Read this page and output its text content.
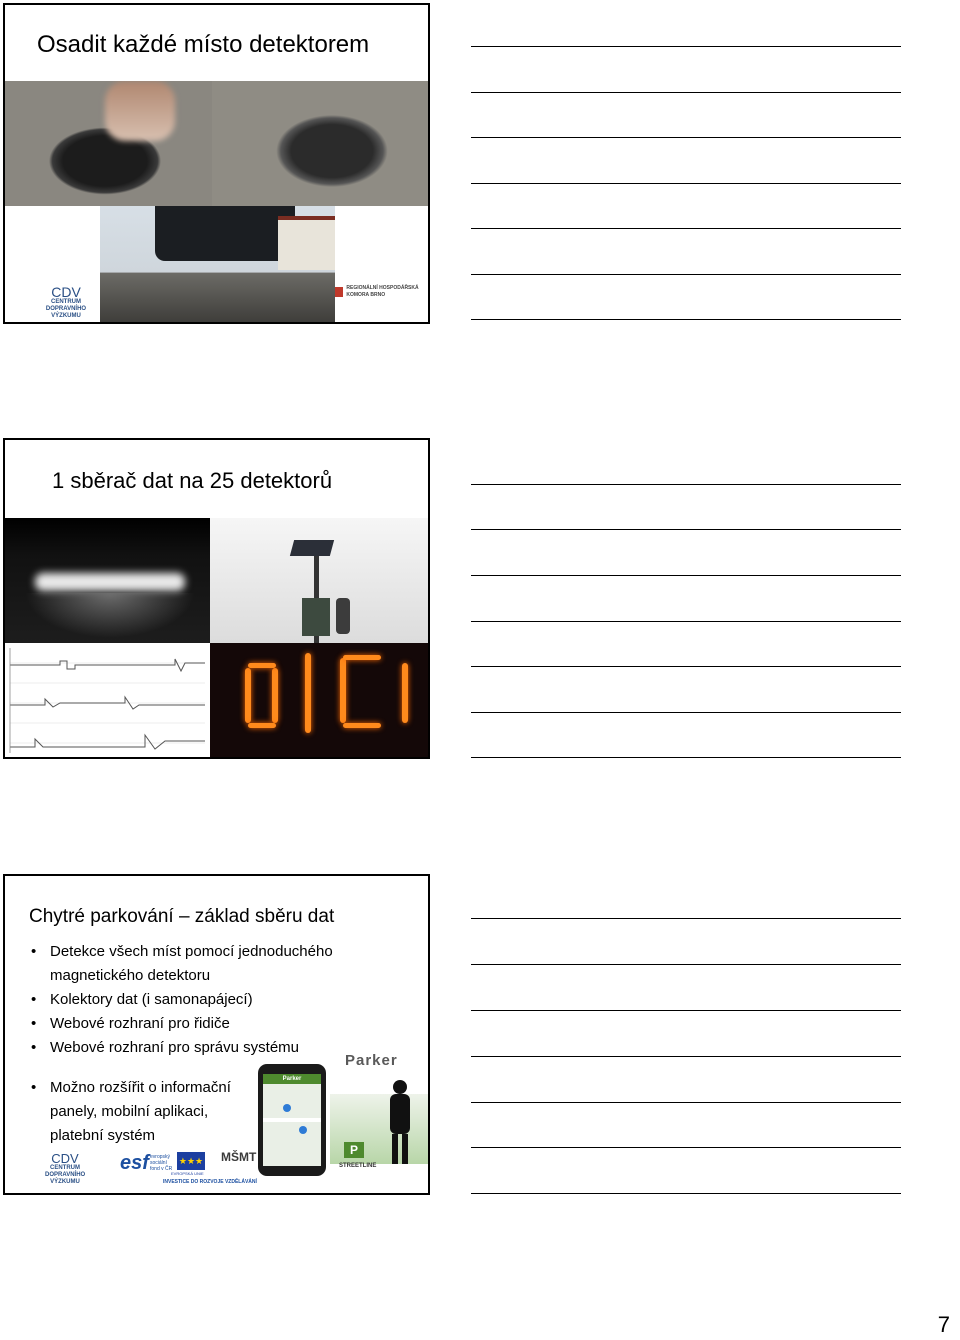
Osadit každé místo detektorem
CDV
CENTRUM
DOPRAVNÍHO
VÝZKUMU
REGIONÁLNÍ HOSPODÁŘSKÁ
KOMORA BRNO
1 sběrač dat na 25 detektorů
Chytré parkování – základ sběru dat
• Detekce všech míst pomocí jednoduchého magnetického detektoru
• Kolektory dat (i samonapájecí)
• Webové rozhraní pro řidiče
• Webové rozhraní pro správu systému
• Možno rozšířit o informační panely, mobilní aplikaci, platební systém
Parker
Parker
P
CDV
CENTRUM
DOPRAVNÍHO
VÝZKUMU
esf evropský
sociální
fond v ČR
★★★
EVROPSKÁ UNIE
MŠMT
INVESTICE DO ROZVOJE VZDĚLÁVÁNÍ
STREETLINE
7
